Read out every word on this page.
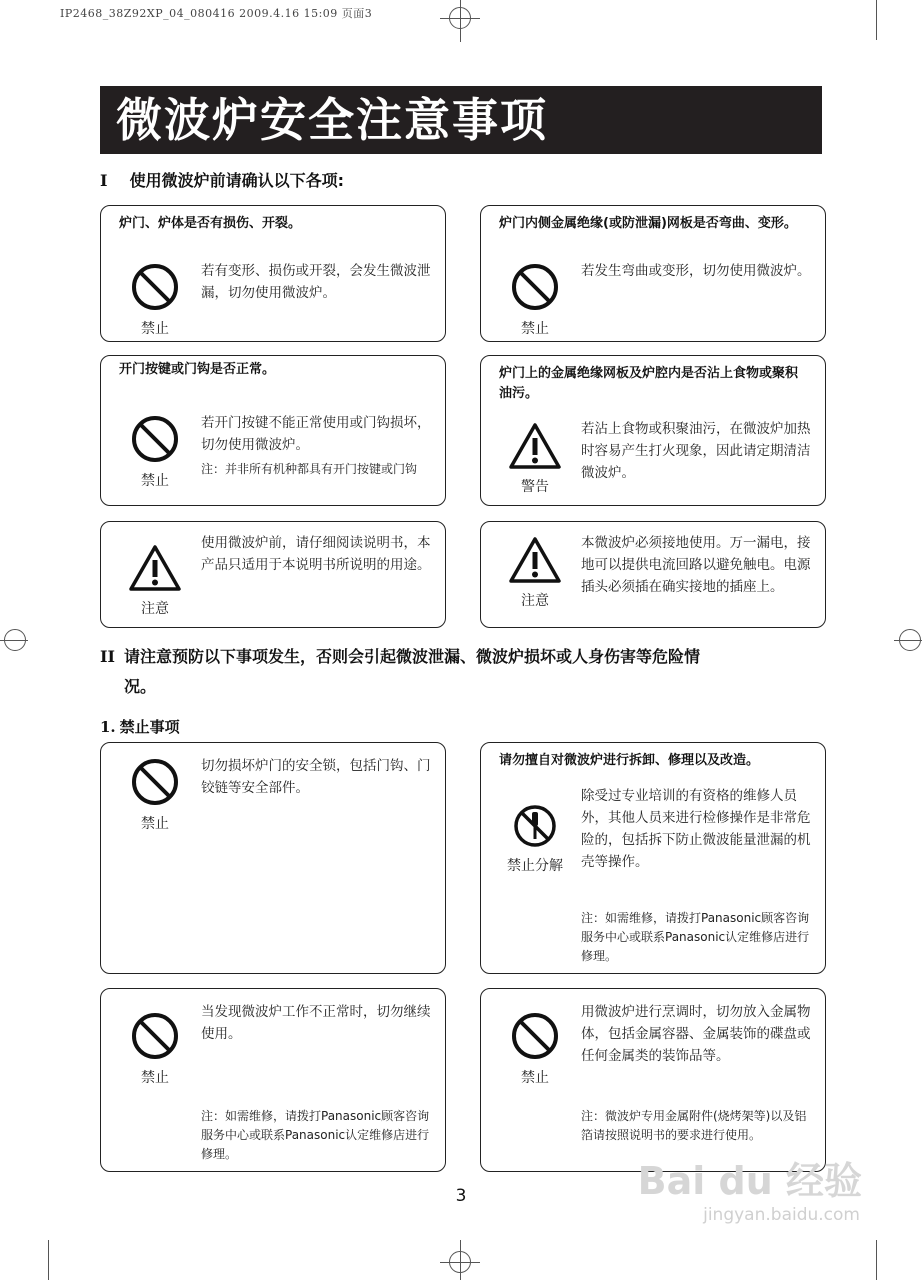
IP2468_38Z92XP_04_080416 2009.4.16 15:09 页面3
微波炉安全注意事项
I 使用微波炉前请确认以下各项:
炉门、炉体是否有损伤、开裂。
禁止
若有变形、损伤或开裂，会发生微波泄漏，切勿使用微波炉。
炉门内侧金属绝缘(或防泄漏)网板是否弯曲、变形。
禁止
若发生弯曲或变形，切勿使用微波炉。
开门按键或门钩是否正常。
禁止
若开门按键不能正常使用或门钩损坏，切勿使用微波炉。
注：并非所有机种都具有开门按键或门钩
炉门上的金属绝缘网板及炉腔内是否沾上食物或聚积油污。
警告
若沾上食物或积聚油污，在微波炉加热时容易产生打火现象，因此请定期清洁微波炉。
注意
使用微波炉前，请仔细阅读说明书，本产品只适用于本说明书所说明的用途。
注意
本微波炉必须接地使用。万一漏电，接地可以提供电流回路以避免触电。电源插头必须插在确实接地的插座上。
II 请注意预防以下事项发生，否则会引起微波泄漏、微波炉损坏或人身伤害等危险情
况。
1. 禁止事项
禁止
切勿损坏炉门的安全锁，包括门钩、门铰链等安全部件。
请勿擅自对微波炉进行拆卸、修理以及改造。
禁止分解
除受过专业培训的有资格的维修人员外，其他人员来进行检修操作是非常危险的，包括拆下防止微波能量泄漏的机壳等操作。
注：如需维修，请拨打Panasonic顾客咨询服务中心或联系Panasonic认定维修店进行修理。
禁止
当发现微波炉工作不正常时，切勿继续使用。
注：如需维修，请拨打Panasonic顾客咨询服务中心或联系Panasonic认定维修店进行修理。
禁止
用微波炉进行烹调时，切勿放入金属物体，包括金属容器、金属装饰的碟盘或任何金属类的装饰品等。
注：微波炉专用金属附件(烧烤架等)以及铝箔请按照说明书的要求进行使用。
3	Bai du 经验
jingyan.baidu.com
